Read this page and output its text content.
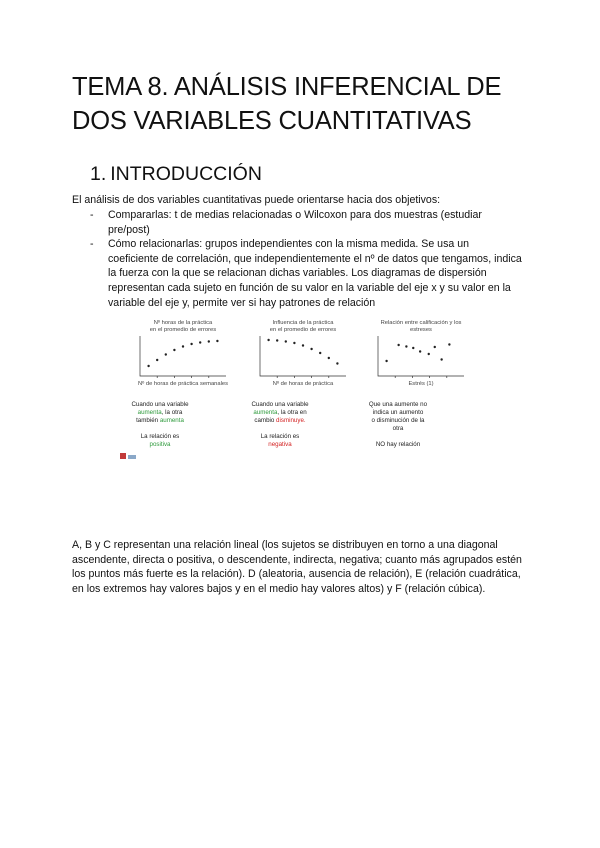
TEMA 8. ANÁLISIS INFERENCIAL DE DOS VARIABLES CUANTITATIVAS
1. INTRODUCCIÓN

El análisis de dos variables cuantitativas puede orientarse hacia dos objetivos:

- Compararlas: t de medias relacionadas o Wilcoxon para dos muestras (estudiar pre/post)
- Cómo relacionarlas: grupos independientes con la misma medida. Se usa un coeficiente de correlación, que independientemente el nº de datos que tengamos, indica la fuerza con la que se relacionan dichas variables. Los diagramas de dispersión representan cada sujeto en función de su valor en la variable del eje x y su valor en la variable del eje y, permite ver si hay patrones de relación
Nº horas de la práctica
en el promedio de errores
Nº de horas de práctica semanales
Cuando una variable
aumenta, la otra
también aumenta
La relación es
positiva
Influencia de la práctica
en el promedio de errores
Nº de horas de práctica
Cuando una variable
aumenta, la otra en
cambio disminuye.
La relación es
negativa
Relación entre calificación y los
estreses
Estrés (1)
Que una aumente no
indica un aumento
o disminución de la
otra
NO hay relación

A, B y C representan una relación lineal (los sujetos se distribuyen en torno a una diagonal ascendente, directa o positiva, o descendente, indirecta, negativa; cuanto más agrupados estén los puntos más fuerte es la relación). D (aleatoria, ausencia de relación), E (relación cuadrática, en los extremos hay valores bajos y en el medio hay valores altos) y F (relación cúbica).
